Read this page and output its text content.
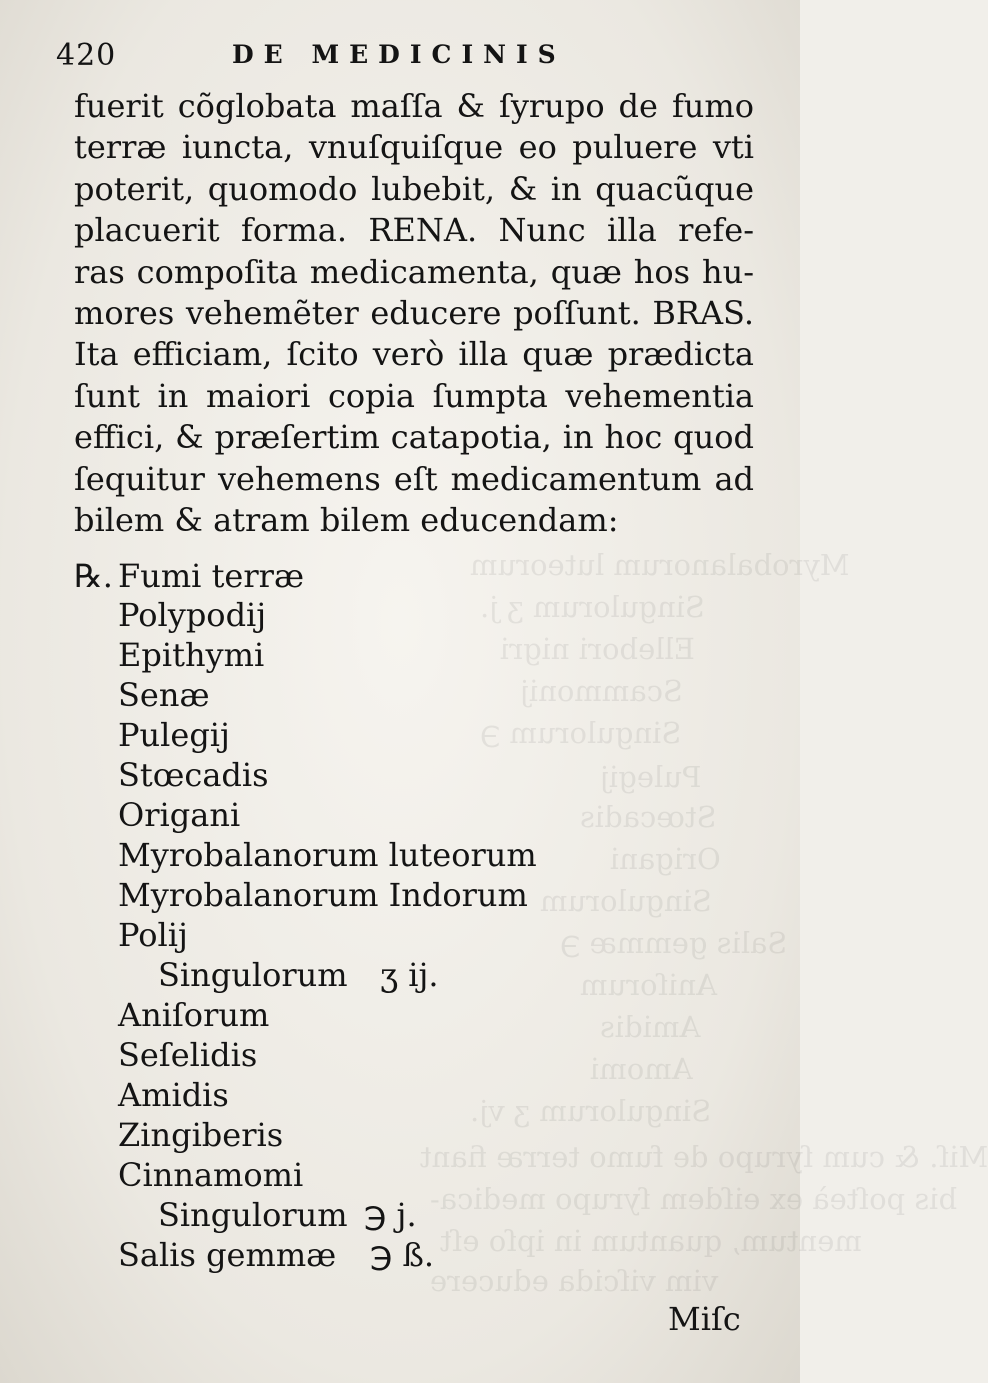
Myrobalanorum luteorum
Singulorum ʒ j.
Ellebori nigri
Scammonij
Singulorum ℈
Pulegij
Stœcadis
Origani
Singulorum
Salis gemmæ ℈
Aniſorum
Amidis
Amomi
Singulorum ʒ vj.
Miſ. & cum ſyrupo de fumo terræ fiant
bis poſteà ex eiſdem ſyrupo medica-
mentum, quantum in ipſo eſt
vim viſcida educere
420	DE MEDICINIS
fuerit cõglobata maſſa & ſyrupo de fumo
terræ iuncta, vnuſquiſque eo puluere vti
poterit, quomodo lubebit, & in quacũque
placuerit forma. RENA. Nunc illa refe-
ras compoſita medicamenta, quæ hos hu-
mores vehemẽter educere poſſunt. BRAS.
Ita efficiam, ſcito verò illa quæ prædicta
ſunt in maiori copia ſumpta vehementia
effici, & præſertim catapotia, in hoc quod
ſequitur vehemens eſt medicamentum ad
bilem & atram bilem educendam:
℞. Fumi terræ
Polypodij
Epithymi
Senæ
Pulegij
Stœcadis
Origani
Myrobalanorum luteorum
Myrobalanorum Indorum
Polij
Singulorum ʒ ij.
Aniſorum
Seſelidis
Amidis
Zingiberis
Cinnamomi
Singulorum ℈ j.
Salis gemmæ ℈ ß.
Miſc
